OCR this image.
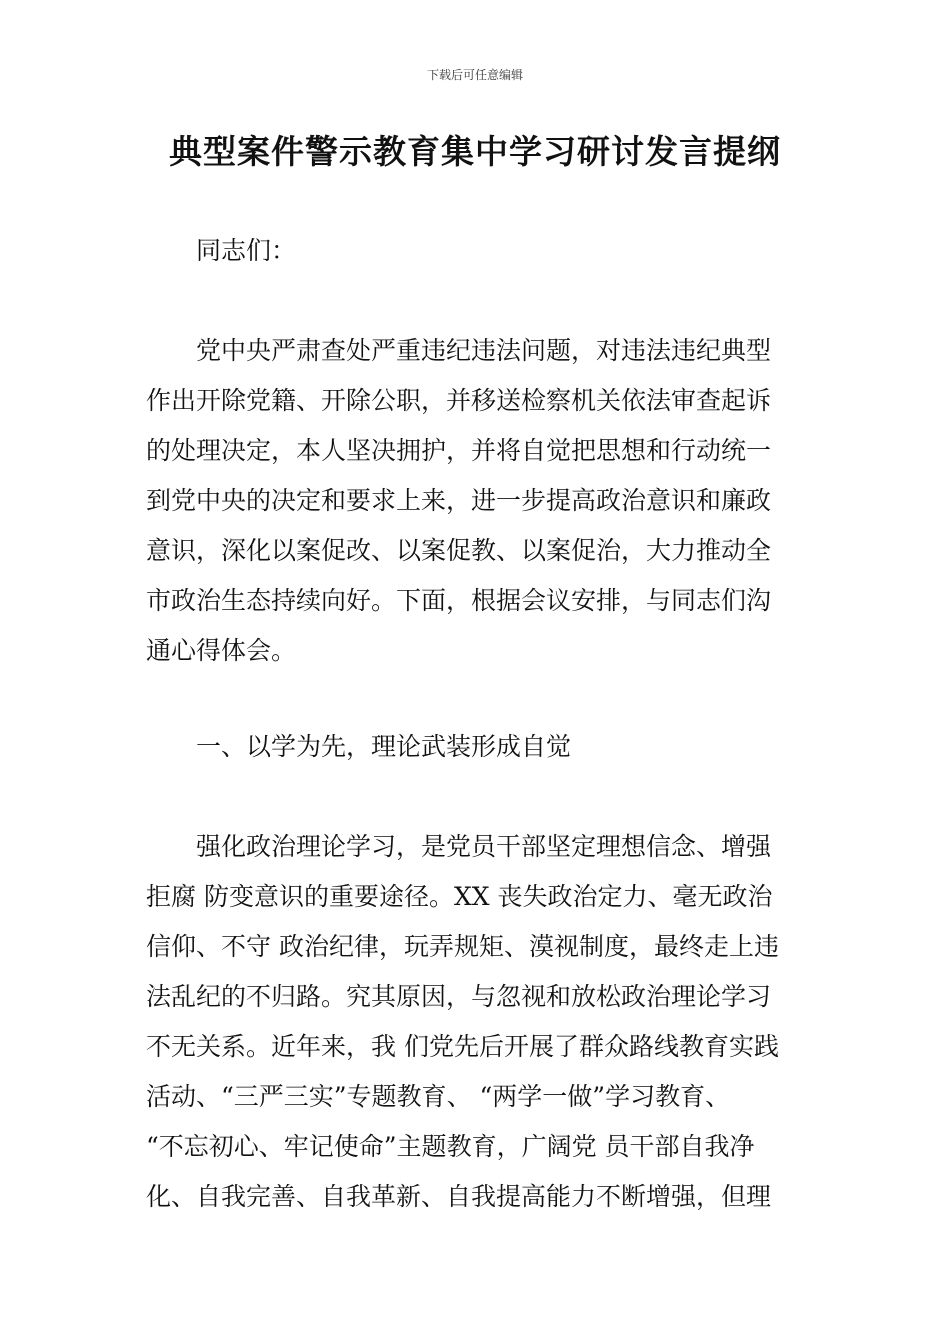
下载后可任意编辑
典型案件警示教育集中学习研讨发言提纲

同志们：

　　党中央严肃查处严重违纪违法问题，对违法违纪典型
作出开除党籍、开除公职，并移送检察机关依法审查起诉
的处理决定，本人坚决拥护，并将自觉把思想和行动统一
到党中央的决定和要求上来，进一步提高政治意识和廉政
意识，深化以案促改、以案促教、以案促治，大力推动全
市政治生态持续向好。下面，根据会议安排，与同志们沟
通心得体会。

一、以学为先，理论武装形成自觉

　　强化政治理论学习，是党员干部坚定理想信念、增强
拒腐 防变意识的重要途径。XX 丧失政治定力、毫无政治
信仰、不守 政治纪律，玩弄规矩、漠视制度，最终走上违
法乱纪的不归路。究其原因，与忽视和放松政治理论学习
不无关系。近年来，我 们党先后开展了群众路线教育实践
活动、“三严三实”专题教育、 “两学一做”学习教育、
“不忘初心、牢记使命”主题教育，广阔党 员干部自我净
化、自我完善、自我革新、自我提高能力不断增强，但理
